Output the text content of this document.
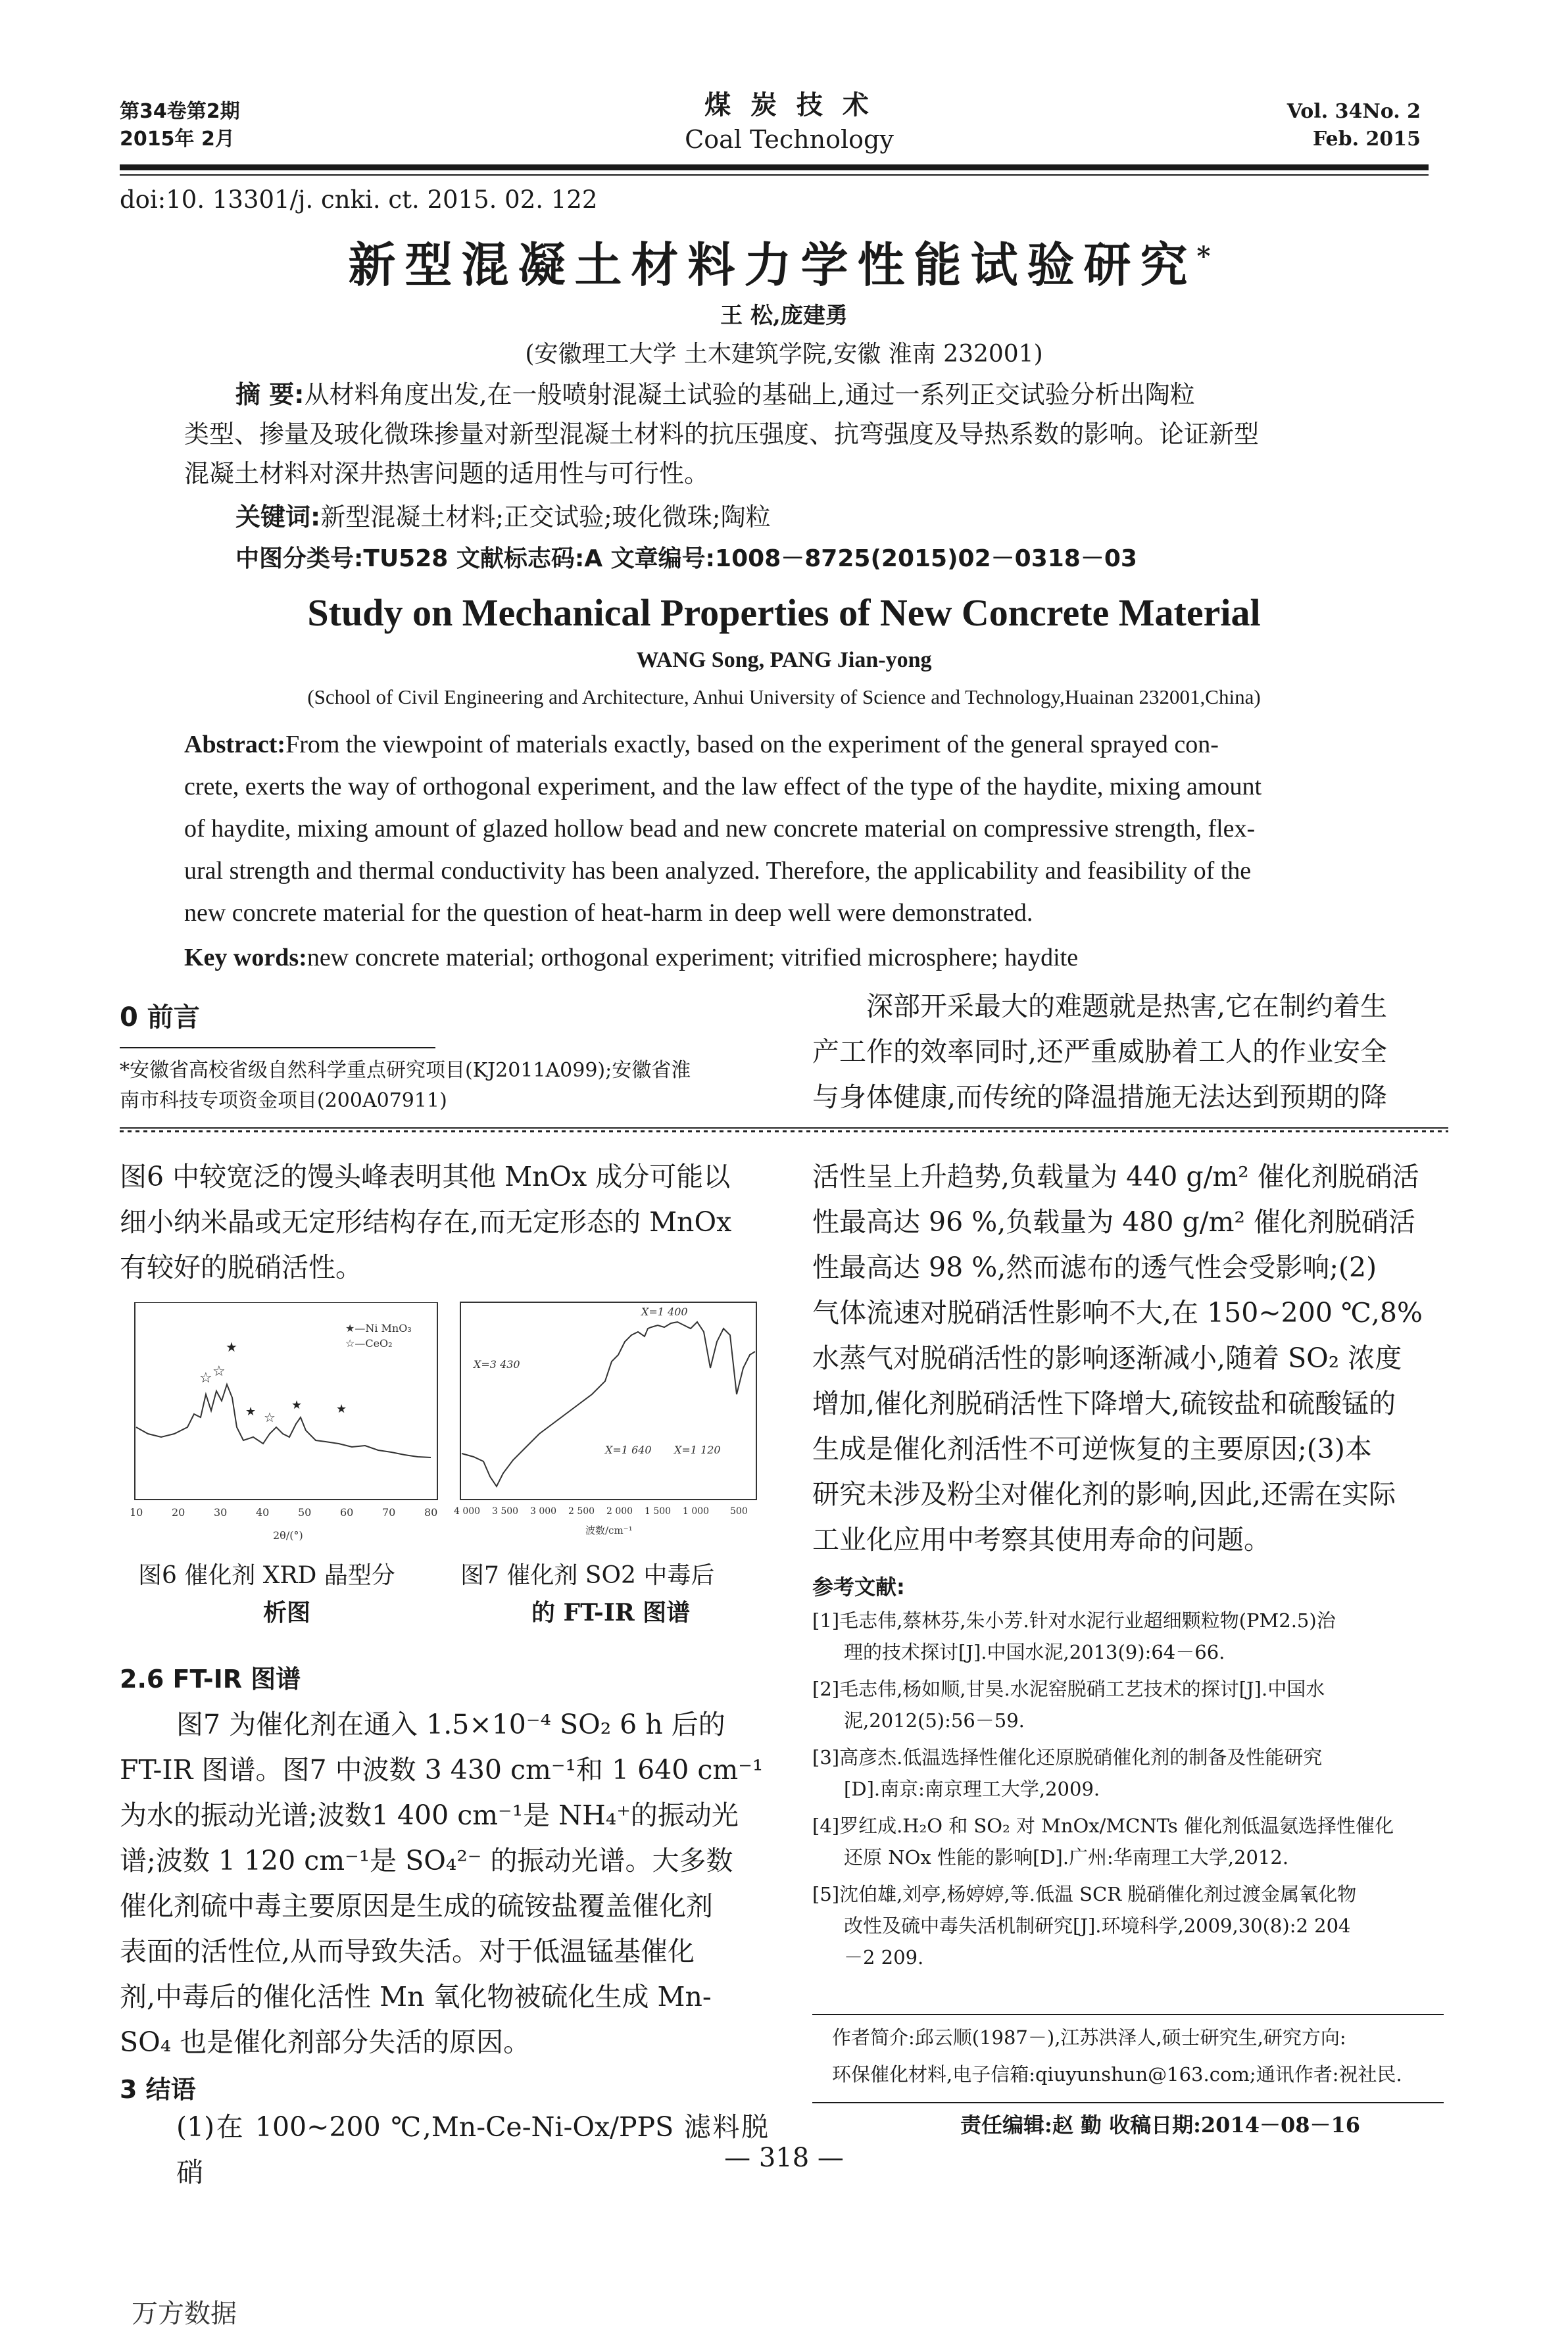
第34卷第2期
2015年 2月
煤 炭 技 术
Coal Technology
Vol. 34No. 2
Feb. 2015
doi:10. 13301/j. cnki. ct. 2015. 02. 122
新型混凝土材料力学性能试验研究*
王 松,庞建勇
(安徽理工大学 土木建筑学院,安徽 淮南 232001)
摘 要:从材料角度出发,在一般喷射混凝土试验的基础上,通过一系列正交试验分析出陶粒
类型、掺量及玻化微珠掺量对新型混凝土材料的抗压强度、抗弯强度及导热系数的影响。论证新型
混凝土材料对深井热害问题的适用性与可行性。
关键词:新型混凝土材料;正交试验;玻化微珠;陶粒
中图分类号:TU528 文献标志码:A 文章编号:1008－8725(2015)02－0318－03
Study on Mechanical Properties of New Concrete Material
WANG Song, PANG Jian-yong
(School of Civil Engineering and Architecture, Anhui University of Science and Technology,Huainan 232001,China)
Abstract:From the viewpoint of materials exactly, based on the experiment of the general sprayed con-
crete, exerts the way of orthogonal experiment, and the law effect of the type of the haydite, mixing amount
of haydite, mixing amount of glazed hollow bead and new concrete material on compressive strength, flex-
ural strength and thermal conductivity has been analyzed. Therefore, the applicability and feasibility of the
new concrete material for the question of heat-harm in deep well were demonstrated.
Key words:new concrete material; orthogonal experiment; vitrified microsphere; haydite
0 前言
*安徽省高校省级自然科学重点研究项目(KJ2011A099);安徽省淮
南市科技专项资金项目(200A07911)
深部开采最大的难题就是热害,它在制约着生
产工作的效率同时,还严重威胁着工人的作业安全
与身体健康,而传统的降温措施无法达到预期的降
图6 中较宽泛的馒头峰表明其他 MnOx 成分可能以
细小纳米晶或无定形结构存在,而无定形态的 MnOx
有较好的脱硝活性。
☆ ☆
★
★ ☆
★	★
★—Ni MnO₃
☆—CeO₂
10	20	30	40	50	60	70	80
2θ/(°)
X=1 400
X=3 430
X=1 640 X=1 120
4 000 3 500 3 000 2 500 2 000 1 500 1 000 500
波数/cm⁻¹
图6 催化剂 XRD 晶型分
析图
图7 催化剂 SO2 中毒后
的 FT-IR 图谱
2.6 FT-IR 图谱
图7 为催化剂在通入 1.5×10⁻⁴ SO₂ 6 h 后的
FT-IR 图谱。图7 中波数 3 430 cm⁻¹和 1 640 cm⁻¹
为水的振动光谱;波数1 400 cm⁻¹是 NH₄⁺的振动光
谱;波数 1 120 cm⁻¹是 SO₄²⁻ 的振动光谱。大多数
催化剂硫中毒主要原因是生成的硫铵盐覆盖催化剂
表面的活性位,从而导致失活。对于低温锰基催化
剂,中毒后的催化活性 Mn 氧化物被硫化生成 Mn-
SO₄ 也是催化剂部分失活的原因。
3 结语
(1)在 100~200 ℃,Mn-Ce-Ni-Ox/PPS 滤料脱硝
活性呈上升趋势,负载量为 440 g/m² 催化剂脱硝活
性最高达 96 %,负载量为 480 g/m² 催化剂脱硝活
性最高达 98 %,然而滤布的透气性会受影响;(2)
气体流速对脱硝活性影响不大,在 150~200 ℃,8%
水蒸气对脱硝活性的影响逐渐减小,随着 SO₂ 浓度
增加,催化剂脱硝活性下降增大,硫铵盐和硫酸锰的
生成是催化剂活性不可逆恢复的主要原因;(3)本
研究未涉及粉尘对催化剂的影响,因此,还需在实际
工业化应用中考察其使用寿命的问题。
参考文献:
[1]毛志伟,蔡林芬,朱小芳.针对水泥行业超细颗粒物(PM2.5)治
理的技术探讨[J].中国水泥,2013(9):64－66.
[2]毛志伟,杨如顺,甘昊.水泥窑脱硝工艺技术的探讨[J].中国水
泥,2012(5):56－59.
[3]高彦杰.低温选择性催化还原脱硝催化剂的制备及性能研究
[D].南京:南京理工大学,2009.
[4]罗红成.H₂O 和 SO₂ 对 MnOx/MCNTs 催化剂低温氨选择性催化
还原 NOx 性能的影响[D].广州:华南理工大学,2012.
[5]沈伯雄,刘亭,杨婷婷,等.低温 SCR 脱硝催化剂过渡金属氧化物
改性及硫中毒失活机制研究[J].环境科学,2009,30(8):2 204
－2 209.
作者简介:邱云顺(1987－),江苏洪泽人,硕士研究生,研究方向:
环保催化材料,电子信箱:qiuyunshun@163.com;通讯作者:祝社民.
责任编辑:赵 勤 收稿日期:2014－08－16
— 318 —
万方数据
